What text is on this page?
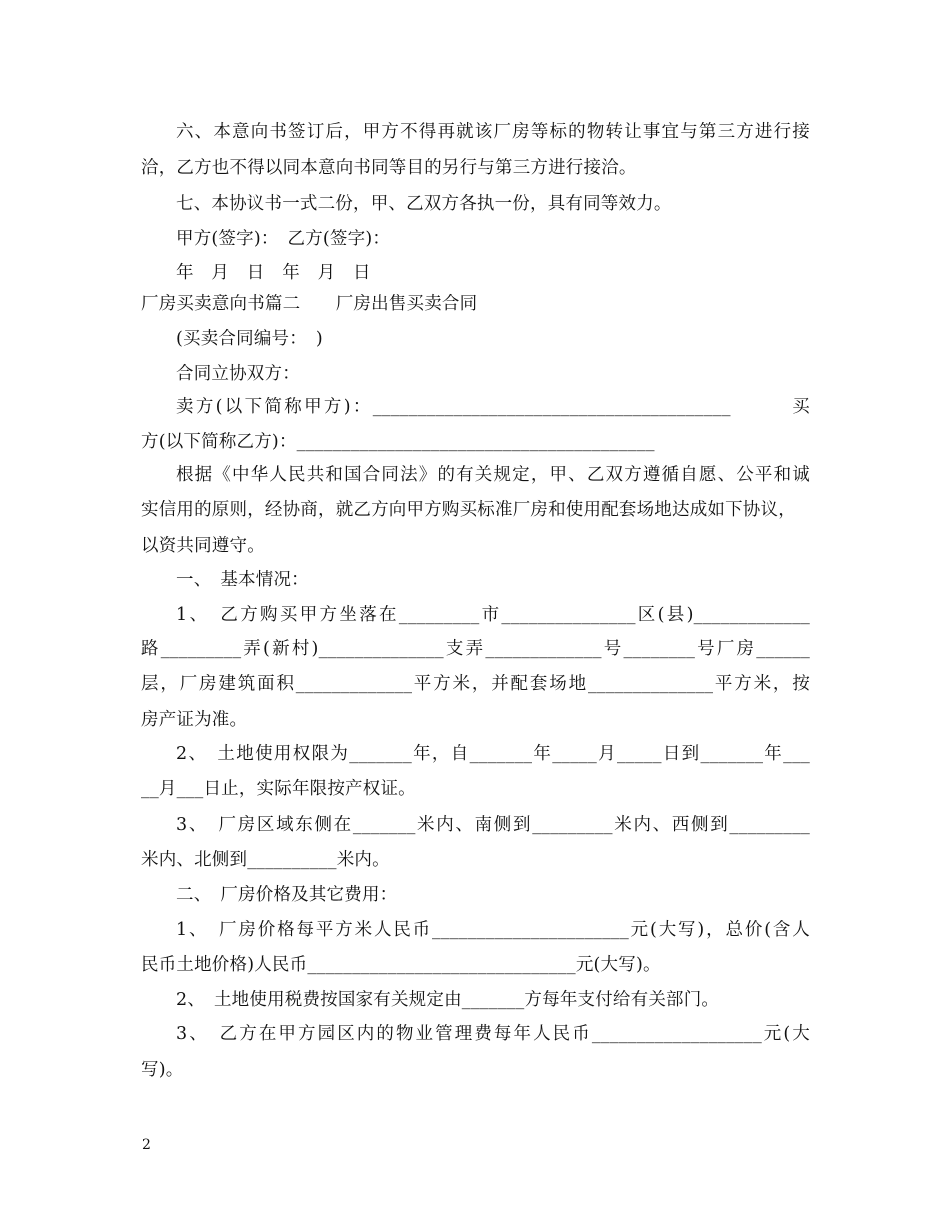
六、本意向书签订后，甲方不得再就该厂房等标的物转让事宜与第三方进行接
洽，乙方也不得以同本意向书同等目的另行与第三方进行接洽。
七、本协议书一式二份，甲、乙双方各执一份，具有同等效力。
甲方(签字)：　乙方(签字)：
年　月　日　年　月　日
厂房买卖意向书篇二　　厂房出售买卖合同
(买卖合同编号：　)
合同立协双方：
卖方(以下简称甲方)：________________________________________　　　买
方(以下简称乙方)：________________________________________
根据《中华人民共和国合同法》的有关规定，甲、乙双方遵循自愿、公平和诚
实信用的原则，经协商，就乙方向甲方购买标准厂房和使用配套场地达成如下协议，
以资共同遵守。
一、　基本情况：
1、　乙方购买甲方坐落在_________市_______________区(县)_____________
路_________弄(新村)______________支弄_____________号________号厂房______
层，厂房建筑面积_____________平方米，并配套场地______________平方米，按
房产证为准。
2、　土地使用权限为_______年，自_______年_____月_____日到_______年___
__月___日止，实际年限按产权证。
3、　厂房区域东侧在_______米内、南侧到_________米内、西侧到_________
米内、北侧到__________米内。
二、　厂房价格及其它费用：
1、　厂房价格每平方米人民币______________________元(大写)，总价(含人
民币土地价格)人民币______________________________元(大写)。
2、　土地使用税费按国家有关规定由_______方每年支付给有关部门。
3、　乙方在甲方园区内的物业管理费每年人民币___________________元(大
写)。
2
